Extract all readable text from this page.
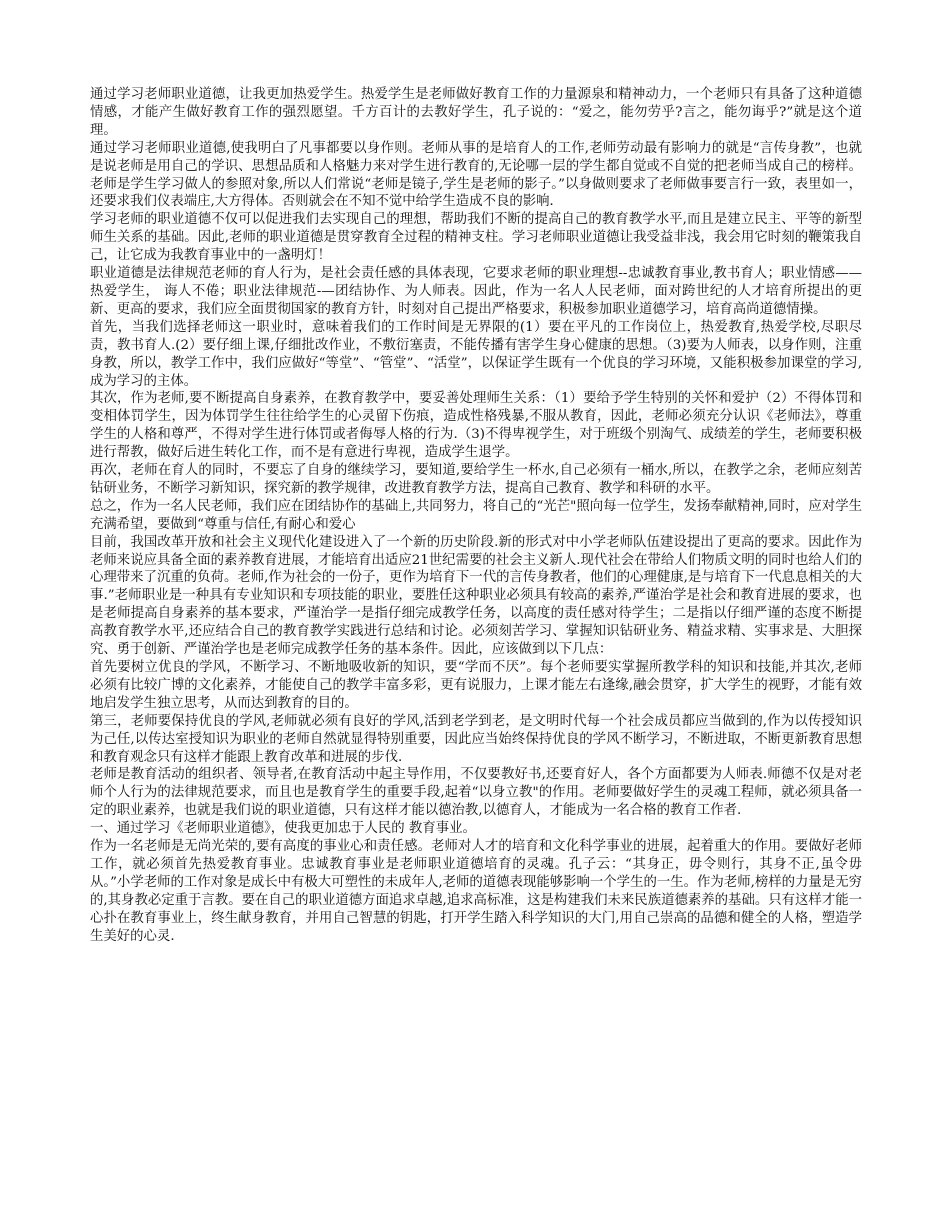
通过学习老师职业道德，让我更加热爱学生。热爱学生是老师做好教育工作的力量源泉和精神动力，一个老师只有具备了这种道德情感，才能产生做好教育工作的强烈愿望。千方百计的去教好学生，孔子说的：“爱之，能勿劳乎?言之，能勿诲乎?”就是这个道理。

通过学习老师职业道德,使我明白了凡事都要以身作则。老师从事的是培育人的工作,老师劳动最有影响力的就是“言传身教”，也就是说老师是用自己的学识、思想品质和人格魅力来对学生进行教育的,无论哪一层的学生都自觉或不自觉的把老师当成自己的榜样。老师是学生学习做人的参照对象,所以人们常说“老师是镜子,学生是老师的影子。”以身做则要求了老师做事要言行一致，表里如一，还要求我们仪表端庄,大方得体。否则就会在不知不觉中给学生造成不良的影响．

学习老师的职业道德不仅可以促进我们去实现自己的理想，帮助我们不断的提高自己的教育教学水平,而且是建立民主、平等的新型师生关系的基础。因此,老师的职业道德是贯穿教育全过程的精神支柱。学习老师职业道德让我受益非浅，我会用它时刻的鞭策我自己，让它成为我教育事业中的一盏明灯！

职业道德是法律规范老师的育人行为，是社会责任感的具体表现，它要求老师的职业理想--忠诚教育事业,教书育人；职业情感——热爱学生， 诲人不倦；职业法律规范-—团结协作、为人师表。因此，作为一名人人民老师，面对跨世纪的人才培育所提出的更新、更高的要求，我们应全面贯彻国家的教育方针，时刻对自己提出严格要求，积极参加职业道德学习，培育高尚道德情操。

首先，当我们选择老师这一职业时，意味着我们的工作时间是无界限的(1）要在平凡的工作岗位上，热爱教育,热爱学校,尽职尽责，教书育人.(2）要仔细上课,仔细批改作业，不敷衍塞责，不能传播有害学生身心健康的思想。（3)要为人师表，以身作则，注重身教，所以，教学工作中，我们应做好“等堂”、“管堂”、“活堂”，以保证学生既有一个优良的学习环境，又能积极参加课堂的学习,成为学习的主体。

其次，作为老师,要不断提高自身素养，在教育教学中，要妥善处理师生关系：（1）要给予学生特别的关怀和爱护（2）不得体罚和变相体罚学生，因为体罚学生往往给学生的心灵留下伤痕，造成性格残暴,不服从教育，因此，老师必须充分认识《老师法》，尊重学生的人格和尊严，不得对学生进行体罚或者侮辱人格的行为.（3)不得卑视学生，对于班级个别淘气、成绩差的学生，老师要积极进行帮教，做好后进生转化工作，而不是有意进行卑视，造成学生退学。

再次，老师在育人的同时，不要忘了自身的继续学习，要知道,要给学生一杯水,自己必须有一桶水,所以，在教学之余，老师应刻苦钻研业务，不断学习新知识，探究新的教学规律，改进教育教学方法，提高自己教育、教学和科研的水平。

总之，作为一名人民老师，我们应在团结协作的基础上,共同努力，将自己的“光芒"照向每一位学生，发扬奉献精神,同时，应对学生充满希望，要做到“尊重与信任,有耐心和爱心

目前，我国改革开放和社会主义现代化建设进入了一个新的历史阶段.新的形式对中小学老师队伍建设提出了更高的要求。因此作为老师来说应具备全面的素养教育进展，才能培育出适应21世纪需要的社会主义新人.现代社会在带给人们物质文明的同时也给人们的心理带来了沉重的负荷。老师,作为社会的一份子，更作为培育下一代的言传身教者，他们的心理健康,是与培育下一代息息相关的大事.”老师职业是一种具有专业知识和专项技能的职业，要胜任这种职业必须具有较高的素养,严谨治学是社会和教育进展的要求，也是老师提高自身素养的基本要求，严谨治学一是指仔细完成教学任务，以高度的责任感对待学生；二是指以仔细严谨的态度不断提高教育教学水平,还应结合自己的教育教学实践进行总结和讨论。必须刻苦学习、掌握知识钻研业务、精益求精、实事求是、大胆探究、勇于创新、严谨治学也是老师完成教学任务的基本条件。因此，应该做到以下几点：

首先要树立优良的学风，不断学习、不断地吸收新的知识，要“学而不厌”。每个老师要实掌握所教学科的知识和技能,并其次,老师必须有比较广博的文化素养，才能使自己的教学丰富多彩，更有说服力，上课才能左右逢缘,融会贯穿，扩大学生的视野，才能有效地启发学生独立思考，从而达到教育的目的。

第三，老师要保持优良的学风,老师就必须有良好的学风,活到老学到老，是文明时代每一个社会成员都应当做到的,作为以传授知识为己任,以传达室授知识为职业的老师自然就显得特别重要，因此应当始终保持优良的学风不断学习，不断进取，不断更新教育思想和教育观念只有这样才能跟上教育改革和进展的步伐.

老师是教育活动的组织者、领导者,在教育活动中起主导作用，不仅要教好书,还要育好人，各个方面都要为人师表.师德不仅是对老师个人行为的法律规范要求，而且也是教育学生的重要手段,起着“以身立教"的作用。老师要做好学生的灵魂工程师，就必须具备一定的职业素养，也就是我们说的职业道德，只有这样才能以德治教,以德育人，才能成为一名合格的教育工作者.

一、通过学习《老师职业道德》，使我更加忠于人民的 教育事业。

作为一名老师是无尚光荣的,要有高度的事业心和责任感。老师对人才的培育和文化科学事业的进展，起着重大的作用。要做好老师工作，就必须首先热爱教育事业。忠诚教育事业是老师职业道德培育的灵魂。孔子云：“其身正，毋令则行，其身不正,虽令毋从。”小学老师的工作对象是成长中有极大可塑性的未成年人,老师的道德表现能够影响一个学生的一生。作为老师,榜样的力量是无穷的,其身教必定重于言教。要在自己的职业道德方面追求卓越,追求高标准，这是构建我们未来民族道德素养的基础。只有这样才能一心扑在教育事业上，终生献身教育，并用自己智慧的钥匙，打开学生踏入科学知识的大门,用自己崇高的品德和健全的人格，塑造学生美好的心灵.
